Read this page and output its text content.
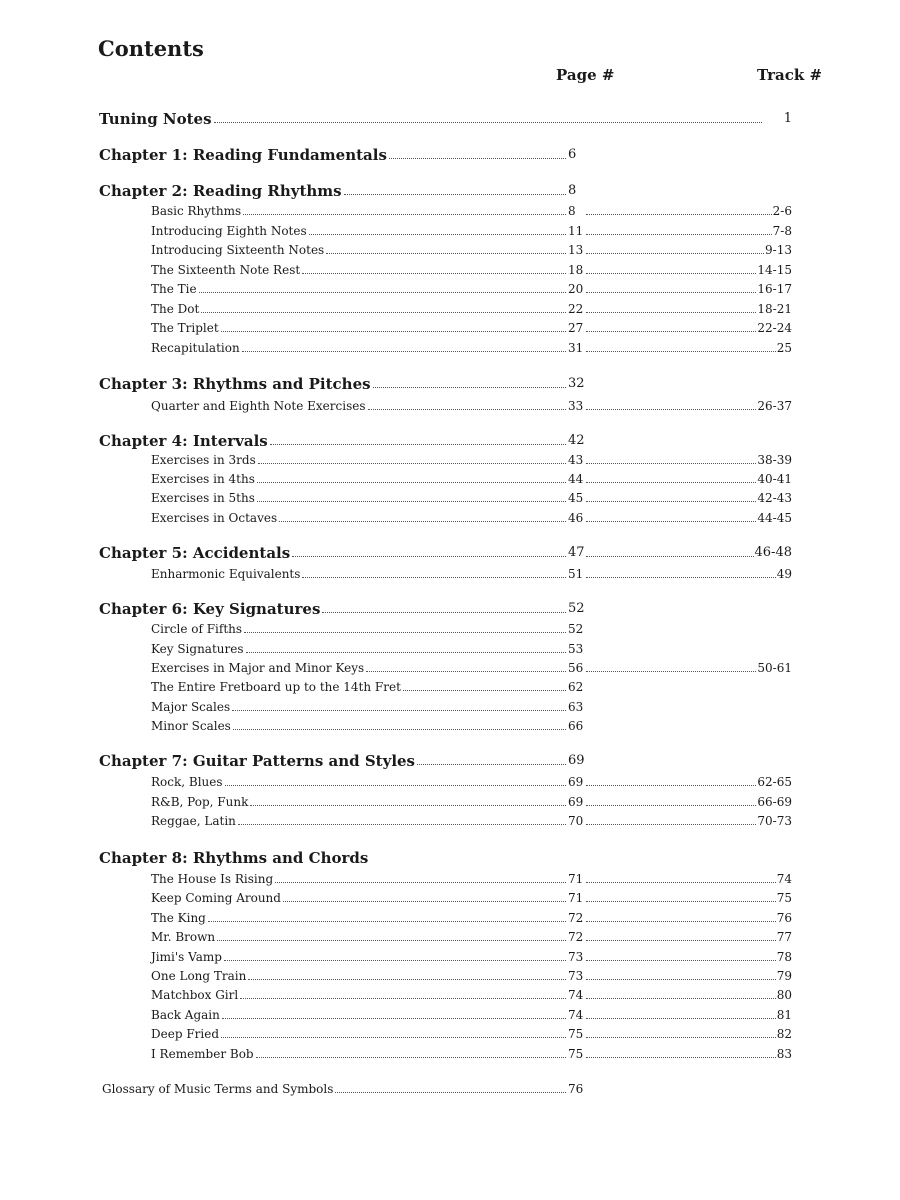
Contents
Page #	Track #
Tuning Notes	1
Chapter 1: Reading Fundamentals	6
Chapter 2: Reading Rhythms	8
Basic Rhythms	8	2-6
Introducing Eighth Notes	11	7-8
Introducing Sixteenth Notes	13	9-13
The Sixteenth Note Rest	18	14-15
The Tie	20	16-17
The Dot	22	18-21
The Triplet	27	22-24
Recapitulation	31	25
Chapter 3: Rhythms and Pitches	32
Quarter and Eighth Note Exercises	33	26-37
Chapter 4: Intervals	42
Exercises in 3rds	43	38-39
Exercises in 4ths	44	40-41
Exercises in 5ths	45	42-43
Exercises in Octaves	46	44-45
Chapter 5: Accidentals	47	46-48
Enharmonic Equivalents	51	49
Chapter 6: Key Signatures	52
Circle of Fifths	52
Key Signatures	53
Exercises in Major and Minor Keys	56	50-61
The Entire Fretboard up to the 14th Fret	62
Major Scales	63
Minor Scales	66
Chapter 7: Guitar Patterns and Styles	69
Rock, Blues	69	62-65
R&B, Pop, Funk	69	66-69
Reggae, Latin	70	70-73
Chapter 8: Rhythms and Chords
The House Is Rising	71	74
Keep Coming Around	71	75
The King	72	76
Mr. Brown	72	77
Jimi's Vamp	73	78
One Long Train	73	79
Matchbox Girl	74	80
Back Again	74	81
Deep Fried	75	82
I Remember Bob	75	83
Glossary of Music Terms and Symbols	76
